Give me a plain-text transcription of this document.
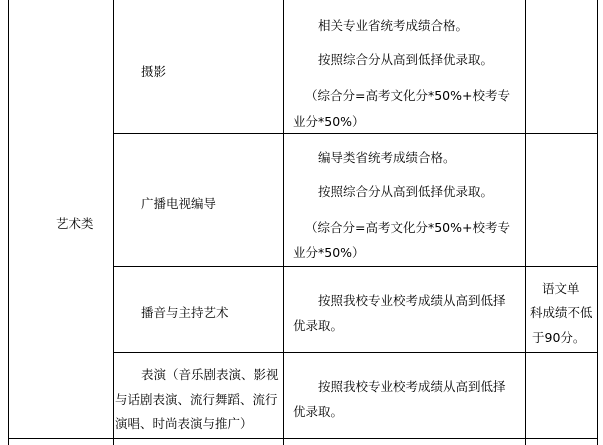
艺术类
摄影
相关专业省统考成绩合格。
按照综合分从高到低择优录取。
（综合分=高考文化分*50%+校考专
业分*50%）
广播电视编导
编导类省统考成绩合格。
按照综合分从高到低择优录取。
（综合分=高考文化分*50%+校考专
业分*50%）
播音与主持艺术
按照我校专业校考成绩从高到低择
优录取。
语文单
科成绩不低
于90分。
表演（音乐剧表演、影视
与话剧表演、流行舞蹈、流行
演唱、时尚表演与推广）
按照我校专业校考成绩从高到低择
优录取。
